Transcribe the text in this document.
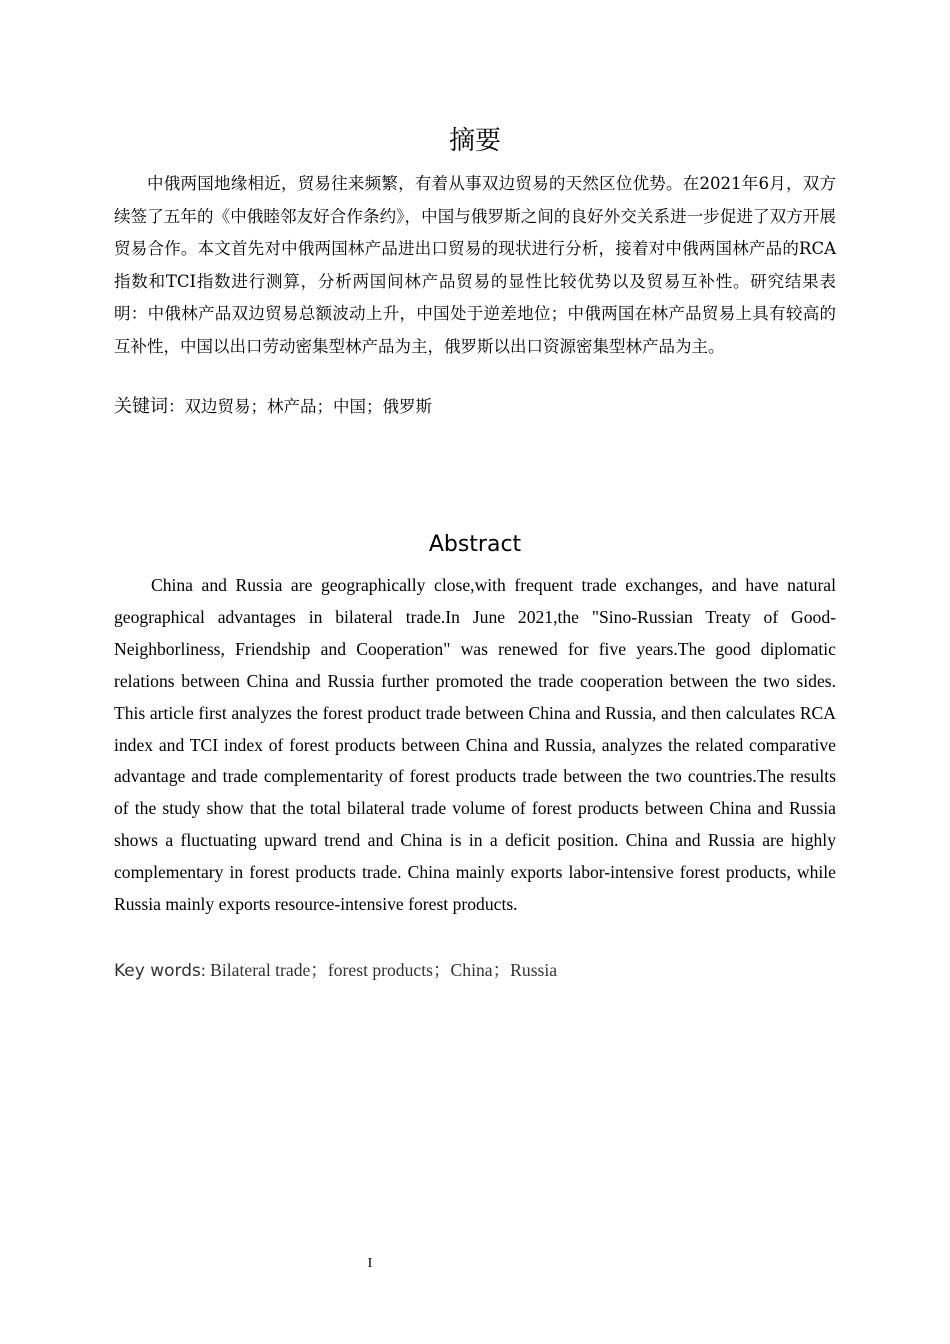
摘要

中俄两国地缘相近，贸易往来频繁，有着从事双边贸易的天然区位优势。在2021年6月，双方续签了五年的《中俄睦邻友好合作条约》，中国与俄罗斯之间的良好外交关系进一步促进了双方开展贸易合作。本文首先对中俄两国林产品进出口贸易的现状进行分析，接着对中俄两国林产品的RCA指数和TCI指数进行测算，分析两国间林产品贸易的显性比较优势以及贸易互补性。研究结果表明：中俄林产品双边贸易总额波动上升，中国处于逆差地位；中俄两国在林产品贸易上具有较高的互补性，中国以出口劳动密集型林产品为主，俄罗斯以出口资源密集型林产品为主。

关键词：双边贸易；林产品；中国；俄罗斯

Abstract

China and Russia are geographically close,with frequent trade exchanges, and have natural geographical advantages in bilateral trade.In June 2021,the "Sino-Russian Treaty of Good-Neighborliness, Friendship and Cooperation" was renewed for five years.The good diplomatic relations between China and Russia further promoted the trade cooperation between the two sides. This article first analyzes the forest product trade between China and Russia, and then calculates RCA index and TCI index of forest products between China and Russia, analyzes the related comparative advantage and trade complementarity of forest products trade between the two countries.The results of the study show that the total bilateral trade volume of forest products between China and Russia shows a fluctuating upward trend and China is in a deficit position. China and Russia are highly complementary in forest products trade. China mainly exports labor-intensive forest products, while Russia mainly exports resource-intensive forest products.

Key words: Bilateral trade；forest products；China；Russia

I
